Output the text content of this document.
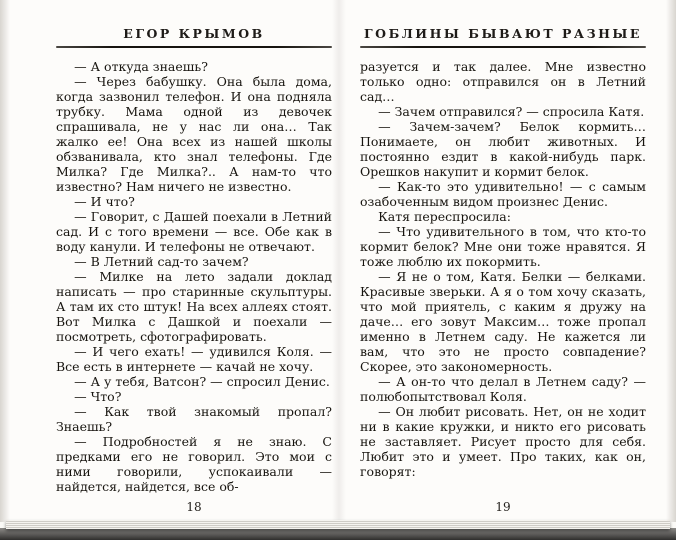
ЕГОР КРЫМОВ

— А откуда знаешь?

— Через бабушку. Она была дома, когда зазвонил телефон. И она подняла трубку. Мама одной из девочек спрашивала, не у нас ли она… Так жалко ее! Она всех из нашей школы обзванивала, кто знал телефоны. Где Милка? Где Милка?.. А нам-то что известно? Нам ничего не известно.

— И что?

— Говорит, с Дашей поехали в Летний сад. И с того времени — все. Обе как в воду канули. И телефоны не отвечают.

— В Летний сад-то зачем?

— Милке на лето задали доклад написать — про старинные скульптуры. А там их сто штук! На всех аллеях стоят. Вот Милка с Дашкой и поехали — посмотреть, сфотографировать.

— И чего ехать! — удивился Коля. — Все есть в интернете — качай не хочу.

— А у тебя, Ватсон? — спросил Денис.

— Что?

— Как твой знакомый пропал? Знаешь?

— Подробностей я не знаю. С предками его не говорил. Это мои с ними говорили, успокаивали — найдется, найдется, все об-

18
ГОБЛИНЫ БЫВАЮТ РАЗНЫЕ

разуется и так далее. Мне известно только одно: отправился он в Летний сад…

— Зачем отправился? — спросила Катя.

— Зачем-зачем? Белок кормить… Понимаете, он любит животных. И постоянно ездит в какой-нибудь парк. Орешков накупит и кормит белок.

— Как-то это удивительно! — с самым озабоченным видом произнес Денис.

Катя переспросила:

— Что удивительного в том, что кто-то кормит белок? Мне они тоже нравятся. Я тоже люблю их покормить.

— Я не о том, Катя. Белки — белками. Красивые зверьки. А я о том хочу сказать, что мой приятель, с каким я дружу на даче… его зовут Максим… тоже пропал именно в Летнем саду. Не кажется ли вам, что это не просто совпадение? Скорее, это закономерность.

— А он-то что делал в Летнем саду? — полюбопытствовал Коля.

— Он любит рисовать. Нет, он не ходит ни в какие кружки, и никто его рисовать не заставляет. Рисует просто для себя. Любит это и умеет. Про таких, как он, говорят:

19
